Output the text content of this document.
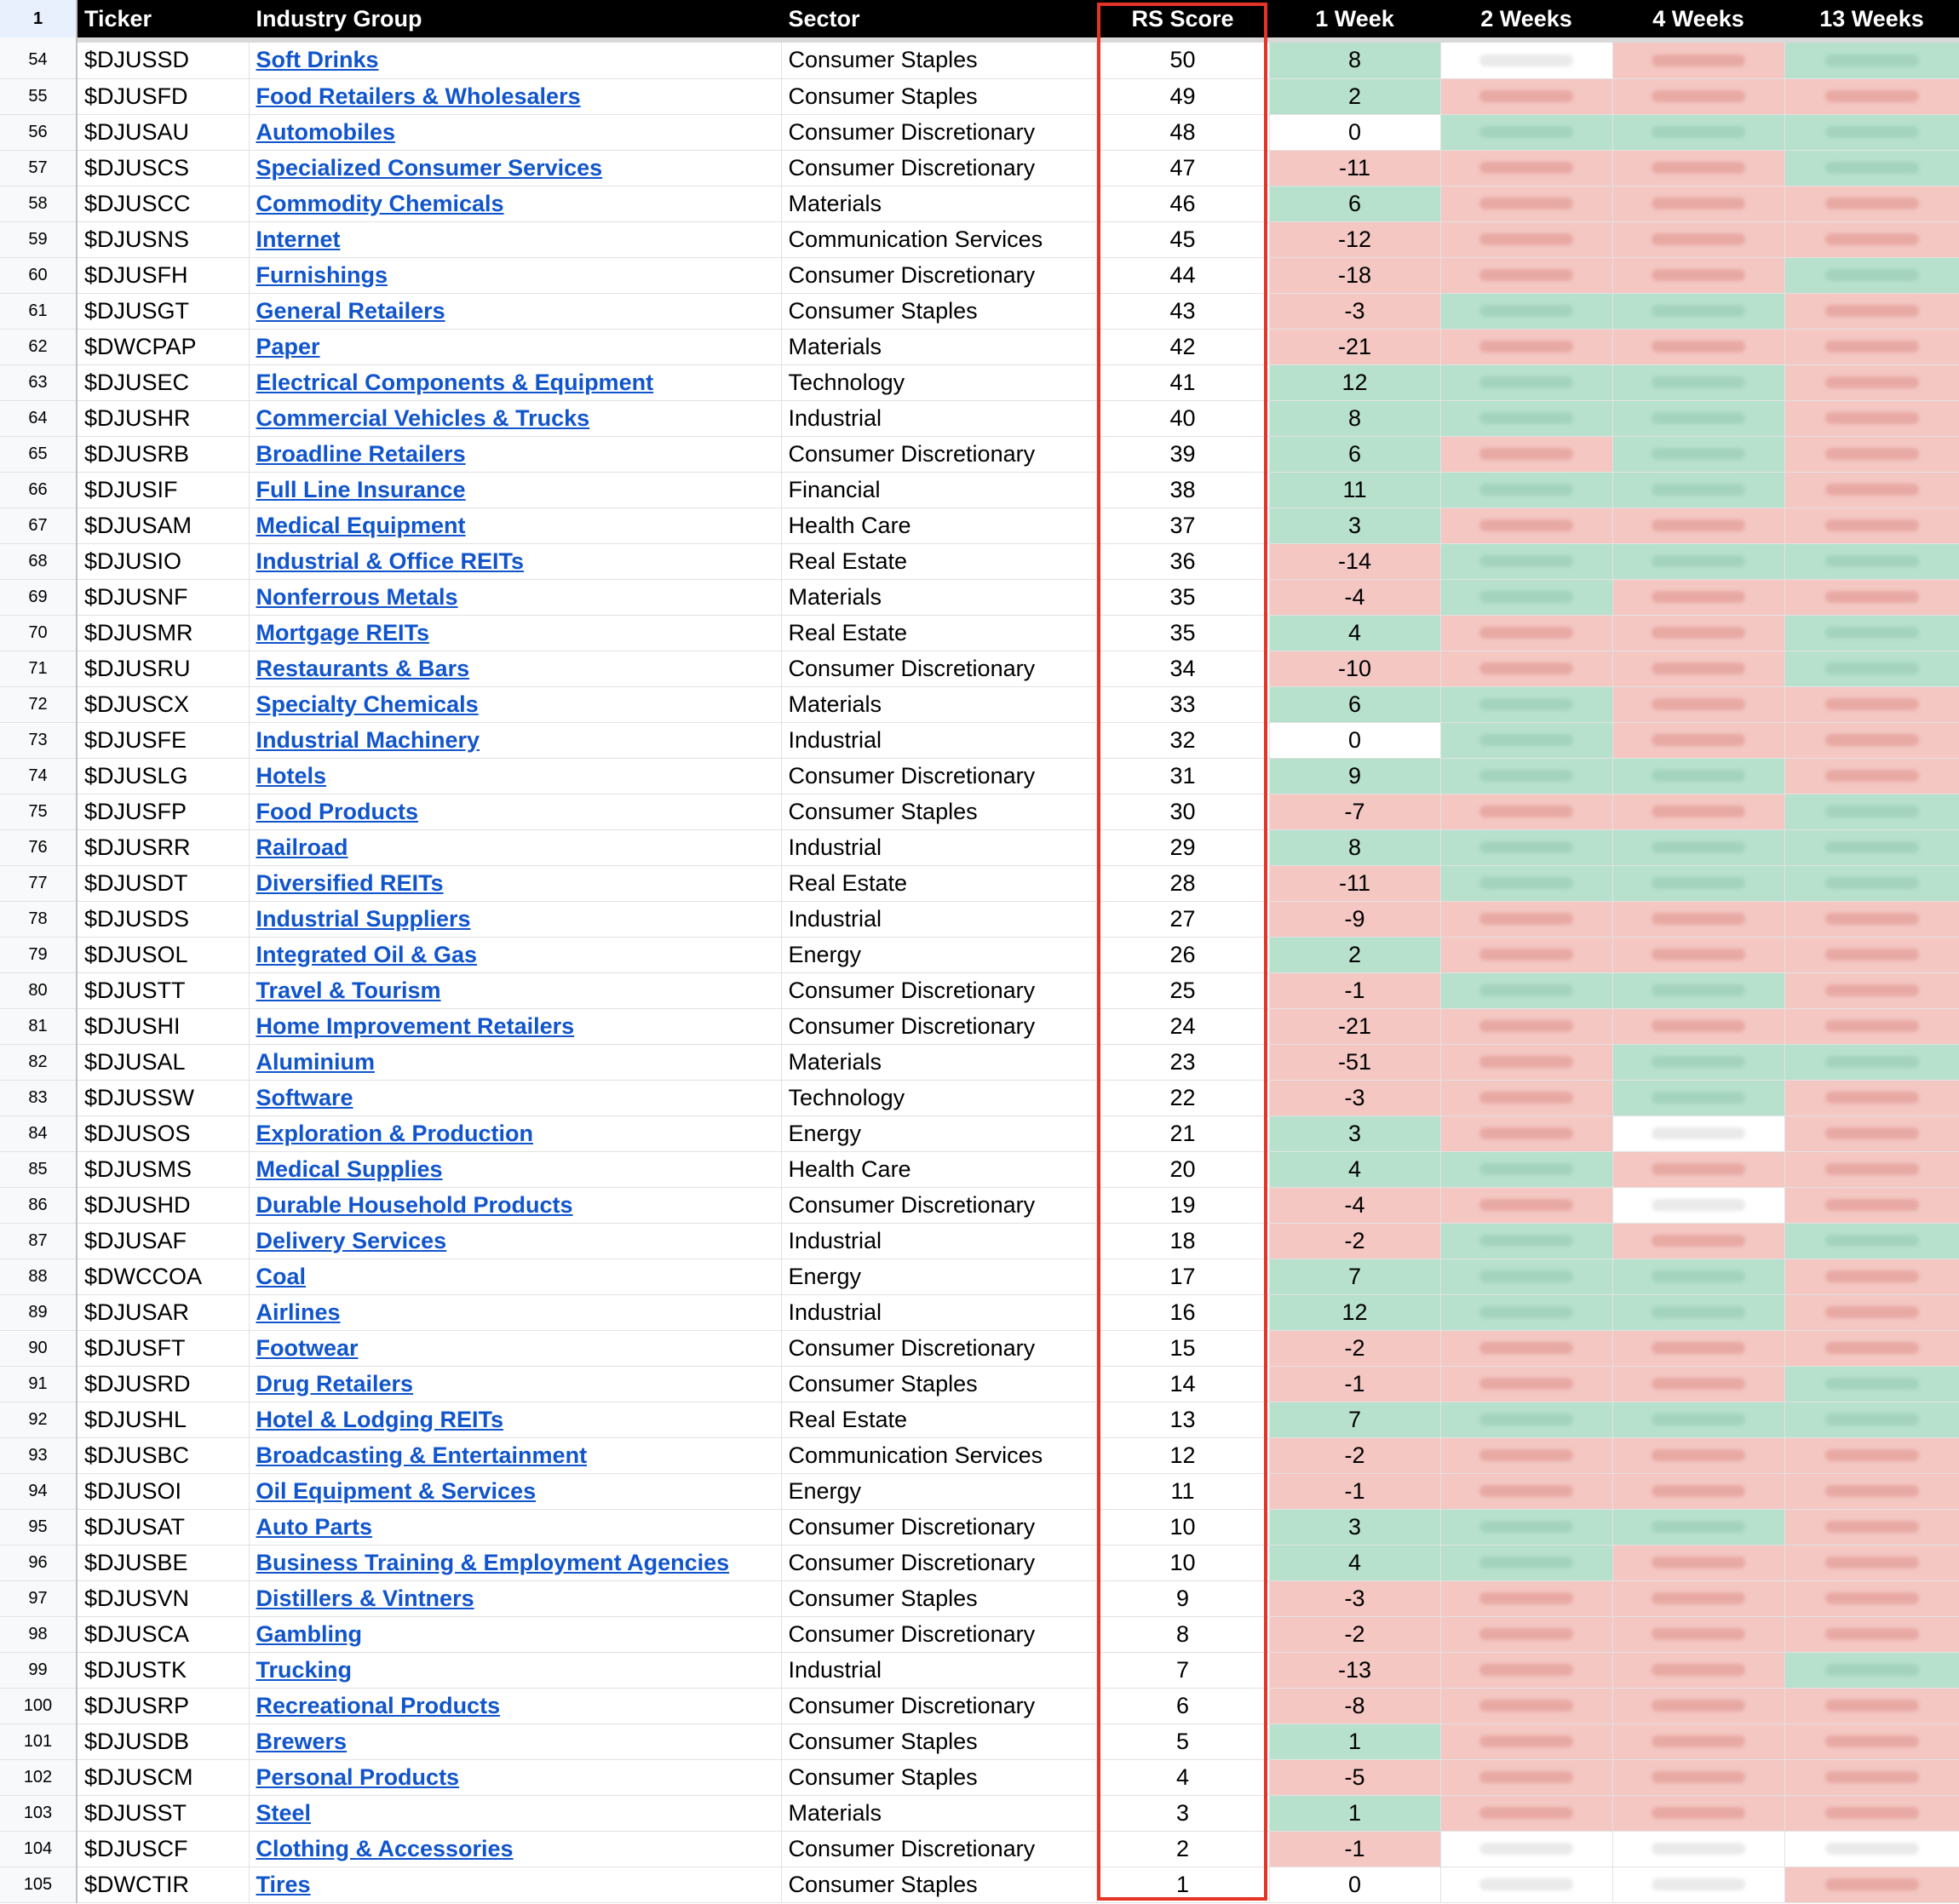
1	Ticker	Industry Group	Sector	RS Score	1 Week	2 Weeks	4 Weeks	13 Weeks

54	$DJUSSD	Soft Drinks	Consumer Staples	50	8	

55	$DJUSFD	Food Retailers & Wholesalers	Consumer Staples	49	2	

56	$DJUSAU	Automobiles	Consumer Discretionary	48	0	

57	$DJUSCS	Specialized Consumer Services	Consumer Discretionary	47	-11	

58	$DJUSCC	Commodity Chemicals	Materials	46	6	

59	$DJUSNS	Internet	Communication Services	45	-12	

60	$DJUSFH	Furnishings	Consumer Discretionary	44	-18	

61	$DJUSGT	General Retailers	Consumer Staples	43	-3	

62	$DWCPAP	Paper	Materials	42	-21	

63	$DJUSEC	Electrical Components & Equipment	Technology	41	12	

64	$DJUSHR	Commercial Vehicles & Trucks	Industrial	40	8	

65	$DJUSRB	Broadline Retailers	Consumer Discretionary	39	6	

66	$DJUSIF	Full Line Insurance	Financial	38	11	

67	$DJUSAM	Medical Equipment	Health Care	37	3	

68	$DJUSIO	Industrial & Office REITs	Real Estate	36	-14	

69	$DJUSNF	Nonferrous Metals	Materials	35	-4	

70	$DJUSMR	Mortgage REITs	Real Estate	35	4	

71	$DJUSRU	Restaurants & Bars	Consumer Discretionary	34	-10	

72	$DJUSCX	Specialty Chemicals	Materials	33	6	

73	$DJUSFE	Industrial Machinery	Industrial	32	0	

74	$DJUSLG	Hotels	Consumer Discretionary	31	9	

75	$DJUSFP	Food Products	Consumer Staples	30	-7	

76	$DJUSRR	Railroad	Industrial	29	8	

77	$DJUSDT	Diversified REITs	Real Estate	28	-11	

78	$DJUSDS	Industrial Suppliers	Industrial	27	-9	

79	$DJUSOL	Integrated Oil & Gas	Energy	26	2	

80	$DJUSTT	Travel & Tourism	Consumer Discretionary	25	-1	

81	$DJUSHI	Home Improvement Retailers	Consumer Discretionary	24	-21	

82	$DJUSAL	Aluminium	Materials	23	-51	

83	$DJUSSW	Software	Technology	22	-3	

84	$DJUSOS	Exploration & Production	Energy	21	3	

85	$DJUSMS	Medical Supplies	Health Care	20	4	

86	$DJUSHD	Durable Household Products	Consumer Discretionary	19	-4	

87	$DJUSAF	Delivery Services	Industrial	18	-2	

88	$DWCCOA	Coal	Energy	17	7	

89	$DJUSAR	Airlines	Industrial	16	12	

90	$DJUSFT	Footwear	Consumer Discretionary	15	-2	

91	$DJUSRD	Drug Retailers	Consumer Staples	14	-1	

92	$DJUSHL	Hotel & Lodging REITs	Real Estate	13	7	

93	$DJUSBC	Broadcasting & Entertainment	Communication Services	12	-2	

94	$DJUSOI	Oil Equipment & Services	Energy	11	-1	

95	$DJUSAT	Auto Parts	Consumer Discretionary	10	3	

96	$DJUSBE	Business Training & Employment Agencies	Consumer Discretionary	10	4	

97	$DJUSVN	Distillers & Vintners	Consumer Staples	9	-3	

98	$DJUSCA	Gambling	Consumer Discretionary	8	-2	

99	$DJUSTK	Trucking	Industrial	7	-13	

100	$DJUSRP	Recreational Products	Consumer Discretionary	6	-8	

101	$DJUSDB	Brewers	Consumer Staples	5	1	

102	$DJUSCM	Personal Products	Consumer Staples	4	-5	

103	$DJUSST	Steel	Materials	3	1	

104	$DJUSCF	Clothing & Accessories	Consumer Discretionary	2	-1	

105	$DWCTIR	Tires	Consumer Staples	1	0	
